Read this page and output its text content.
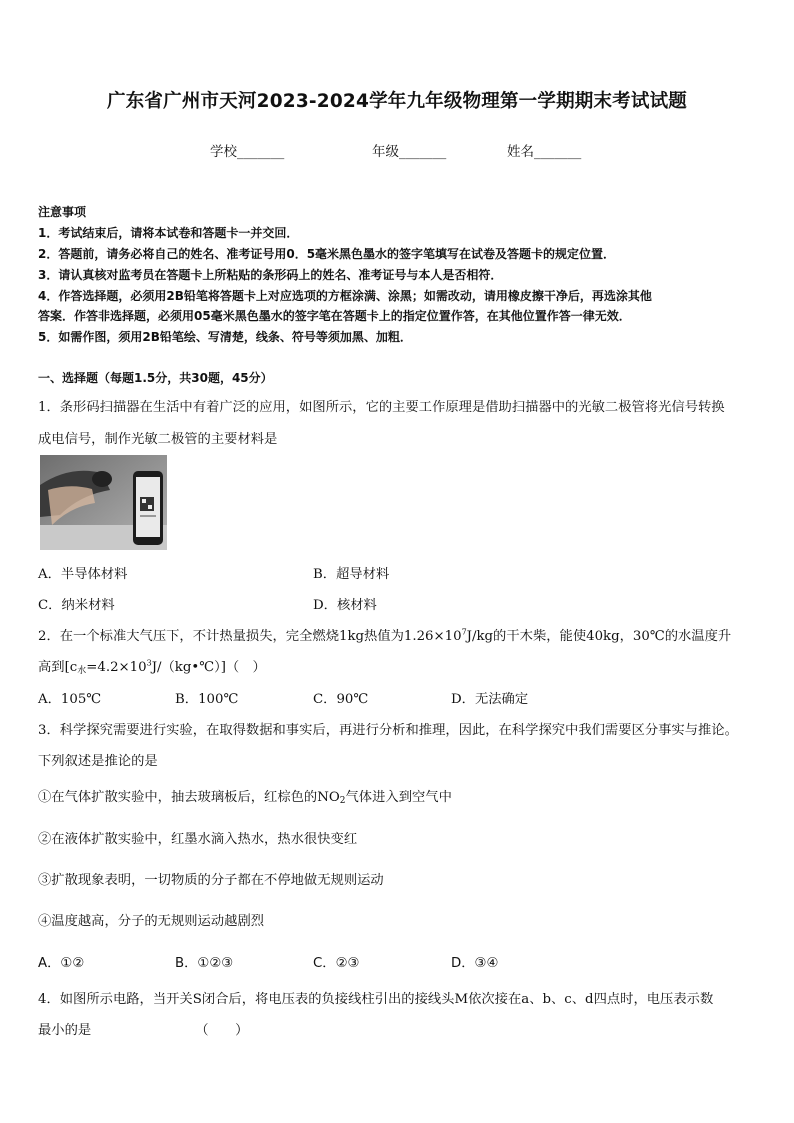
广东省广州市天河2023-2024学年九年级物理第一学期期末考试试题
学校_______	年级_______	姓名_______
注意事项
1．考试结束后，请将本试卷和答题卡一并交回．
2．答题前，请务必将自己的姓名、准考证号用0．5毫米黑色墨水的签字笔填写在试卷及答题卡的规定位置．
3．请认真核对监考员在答题卡上所粘贴的条形码上的姓名、准考证号与本人是否相符．
4．作答选择题，必须用2B铅笔将答题卡上对应选项的方框涂满、涂黑；如需改动，请用橡皮擦干净后，再选涂其他
答案．作答非选择题，必须用05毫米黑色墨水的签字笔在答题卡上的指定位置作答，在其他位置作答一律无效．
5．如需作图，须用2B铅笔绘、写清楚，线条、符号等须加黑、加粗．
一、选择题（每题1.5分，共30题，45分）
1．条形码扫描器在生活中有着广泛的应用，如图所示，它的主要工作原理是借助扫描器中的光敏二极管将光信号转换
成电信号，制作光敏二极管的主要材料是
A．半导体材料	B．超导材料
C．纳米材料	D．核材料
2．在一个标准大气压下，不计热量损失，完全燃烧1kg热值为$1.26\times 10^7J/kg$的干木柴，能使40kg，30℃的水温度升
高到$[c_水=4.2\times 10^3J/(kg•℃)]$（　）
A．105℃	B．100℃	C．90℃	D．无法确定
3．科学探究需要进行实验，在取得数据和事实后，再进行分析和推理，因此，在科学探究中我们需要区分事实与推论。
下列叙述是推论的是
①在气体扩散实验中，抽去玻璃板后，红棕色的$NO_2$气体进入到空气中
②在液体扩散实验中，红墨水滴入热水，热水很快变红
③扩散现象表明，一切物质的分子都在不停地做无规则运动
④温度越高，分子的无规则运动越剧烈
A．①②	B．①②③	C．②③	D．③④
4．如图所示电路，当开关S闭合后，将电压表的负接线柱引出的接线头M依次接在a、b、c、d四点时，电压表示数
最小的是	（　　）
